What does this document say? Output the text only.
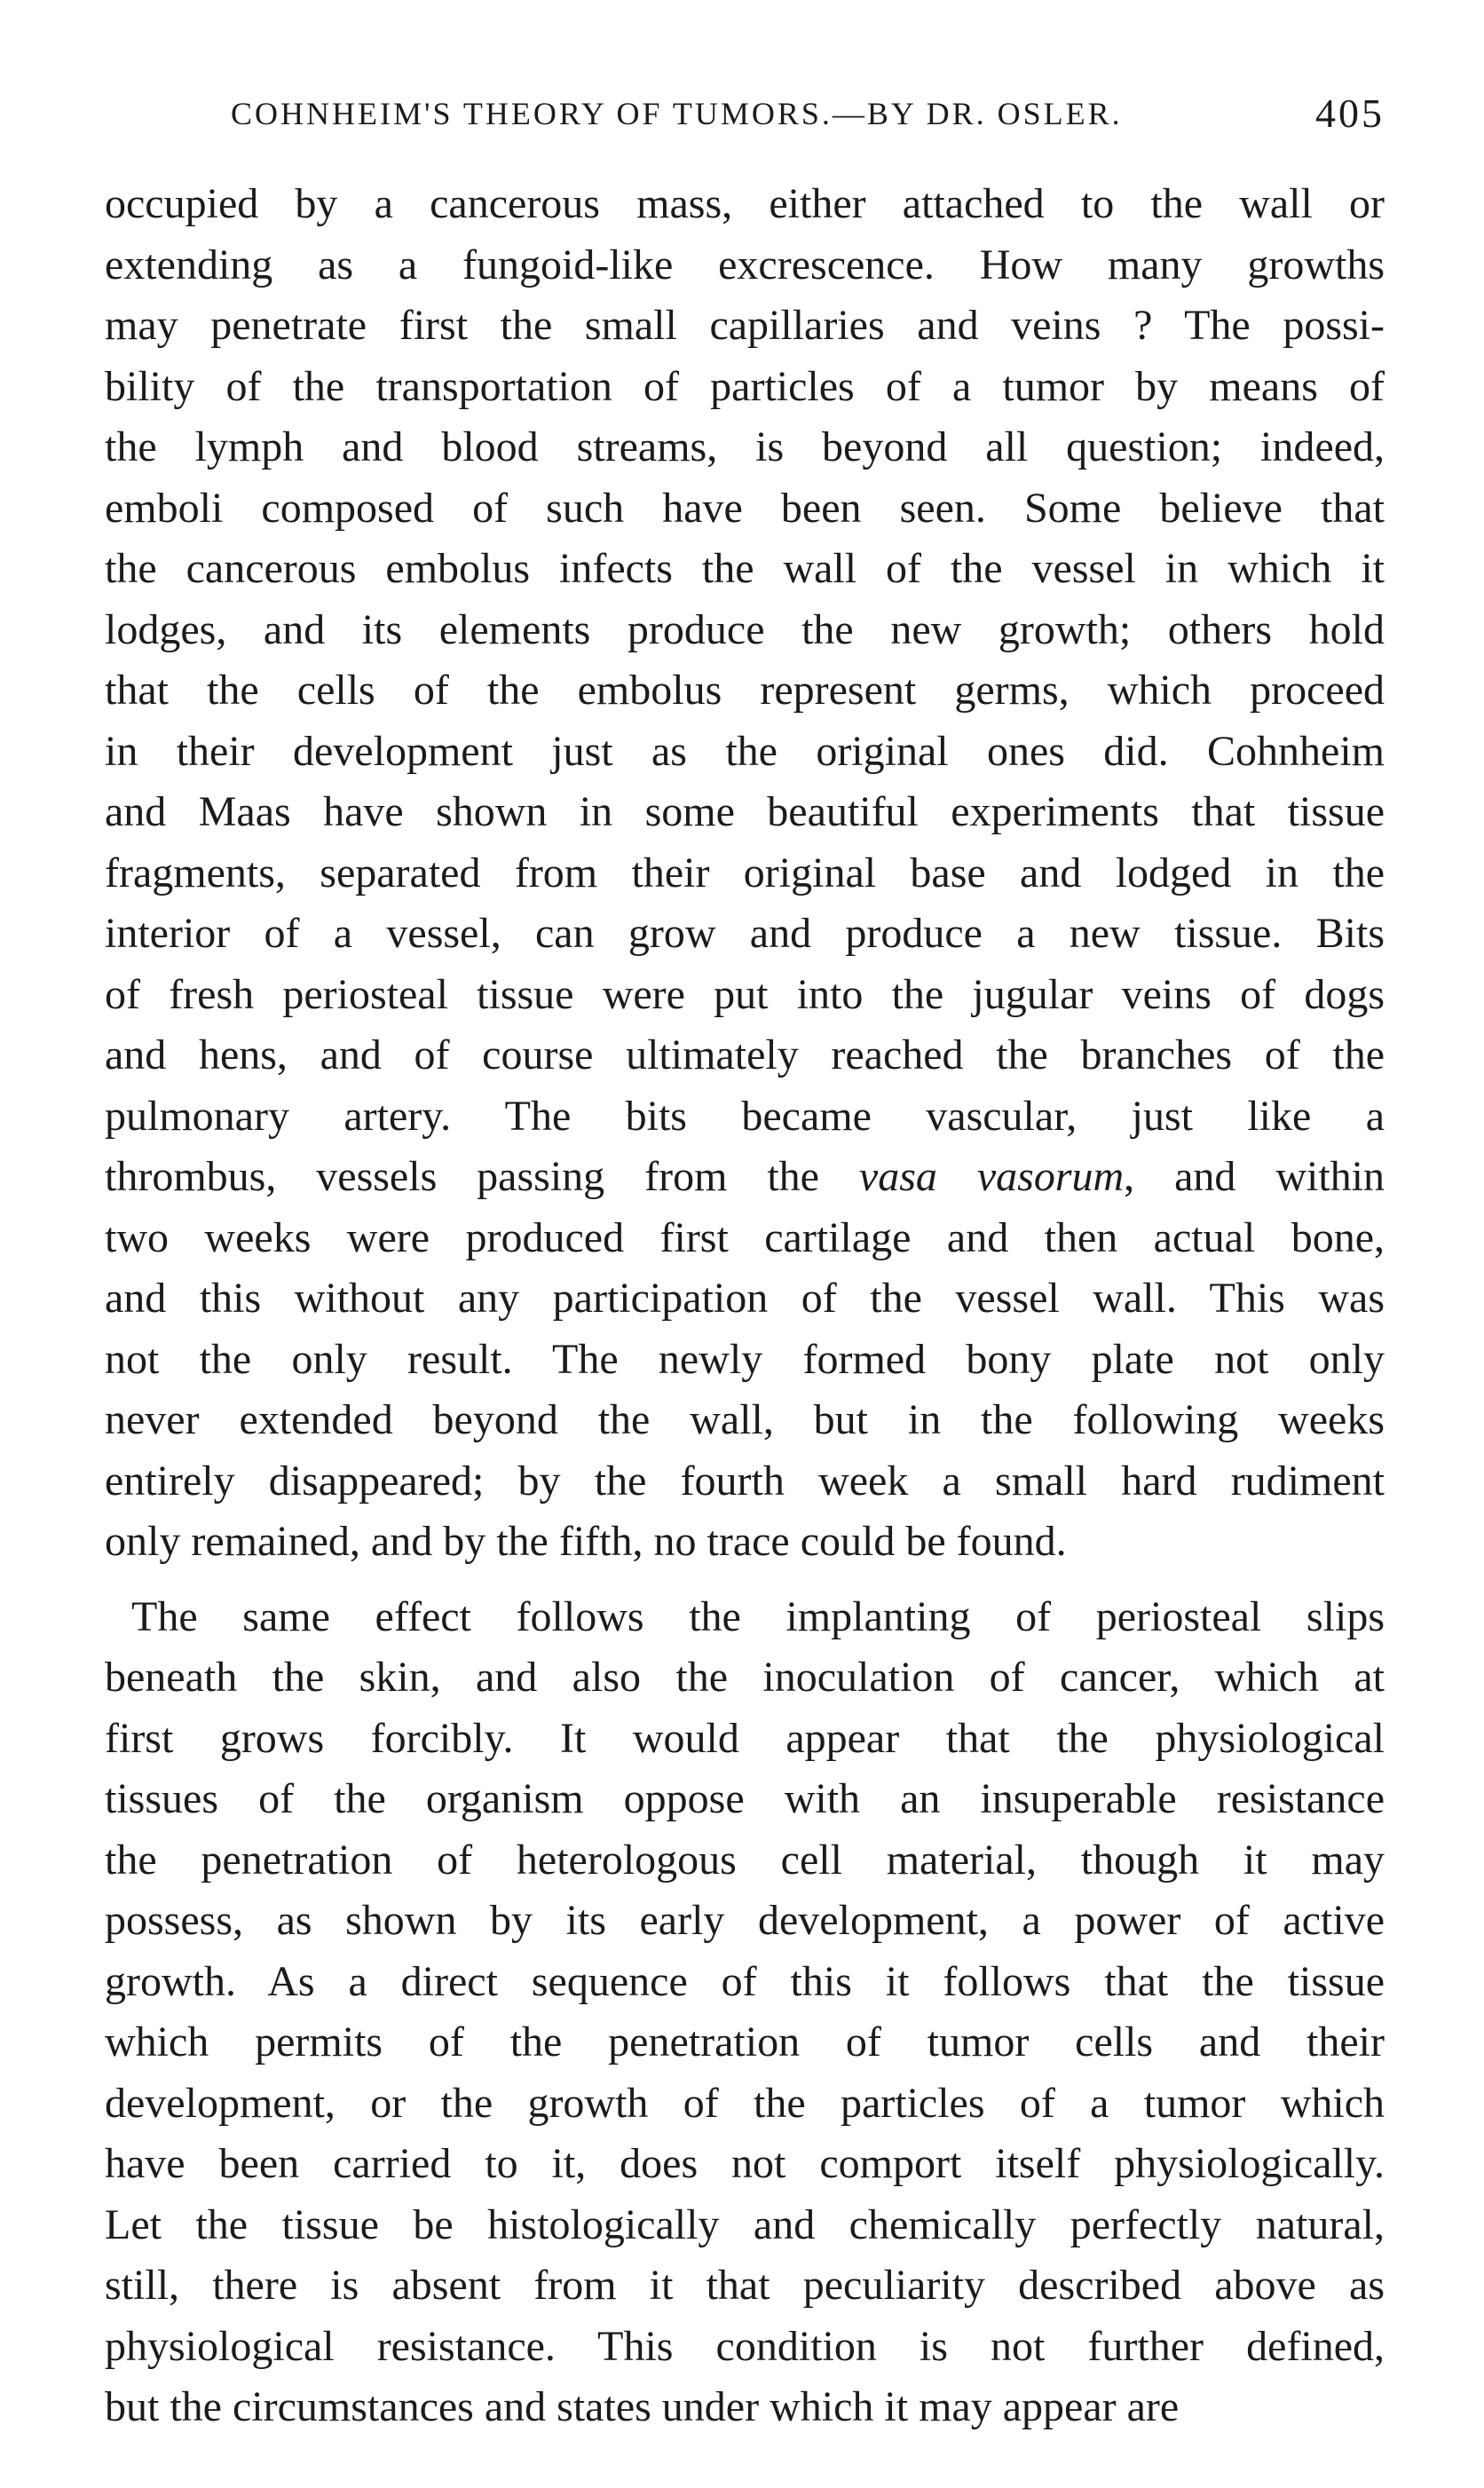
COHNHEIM'S THEORY OF TUMORS.—BY DR. OSLER.	405
occupied by a cancerous mass, either attached to the wall or
extending as a fungoid-like excrescence. How many growths
may penetrate first the small capillaries and veins ? The possi-
bility of the transportation of particles of a tumor by means of
the lymph and blood streams, is beyond all question; indeed,
emboli composed of such have been seen. Some believe that
the cancerous embolus infects the wall of the vessel in which it
lodges, and its elements produce the new growth; others hold
that the cells of the embolus represent germs, which proceed
in their development just as the original ones did. Cohnheim
and Maas have shown in some beautiful experiments that tissue
fragments, separated from their original base and lodged in the
interior of a vessel, can grow and produce a new tissue. Bits
of fresh periosteal tissue were put into the jugular veins of dogs
and hens, and of course ultimately reached the branches of the
pulmonary artery. The bits became vascular, just like a
thrombus, vessels passing from the vasa vasorum, and within
two weeks were produced first cartilage and then actual bone,
and this without any participation of the vessel wall. This was
not the only result. The newly formed bony plate not only
never extended beyond the wall, but in the following weeks
entirely disappeared; by the fourth week a small hard rudiment
only remained, and by the fifth, no trace could be found.
The same effect follows the implanting of periosteal slips
beneath the skin, and also the inoculation of cancer, which at
first grows forcibly. It would appear that the physiological
tissues of the organism oppose with an insuperable resistance
the penetration of heterologous cell material, though it may
possess, as shown by its early development, a power of active
growth. As a direct sequence of this it follows that the tissue
which permits of the penetration of tumor cells and their
development, or the growth of the particles of a tumor which
have been carried to it, does not comport itself physiologically.
Let the tissue be histologically and chemically perfectly natural,
still, there is absent from it that peculiarity described above as
physiological resistance. This condition is not further defined,
but the circumstances and states under which it may appear are
